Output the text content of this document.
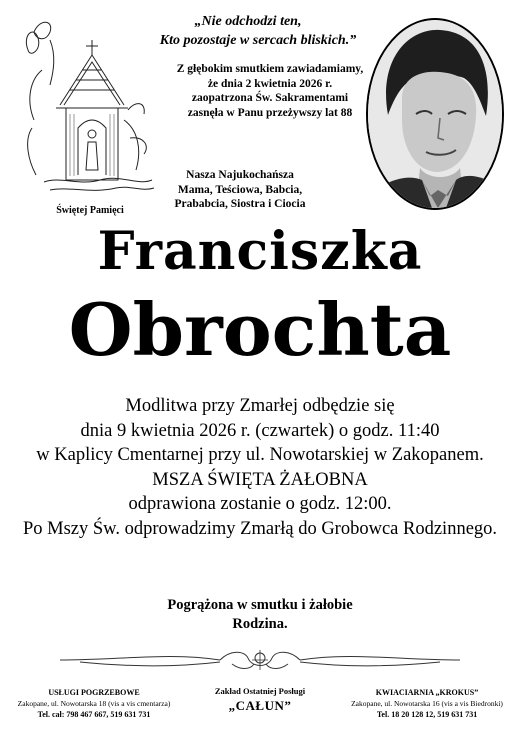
Świętej Pamięci
„Nie odchodzi ten,
Kto pozostaje w sercach bliskich.”
Z głębokim smutkiem zawiadamiamy,
że dnia 2 kwietnia 2026 r.
zaopatrzona Św. Sakramentami
zasnęła w Panu przeżywszy lat 88
Nasza Najukochańsza
Mama, Teściowa, Babcia,
Prababcia, Siostra i Ciocia
Franciszka
Obrochta
Modlitwa przy Zmarłej odbędzie się
dnia 9 kwietnia 2026 r. (czwartek) o godz. 11:40
w Kaplicy Cmentarnej przy ul. Nowotarskiej w Zakopanem.
MSZA ŚWIĘTA ŻAŁOBNA
odprawiona zostanie o godz. 12:00.
Po Mszy Św. odprowadzimy Zmarłą do Grobowca Rodzinnego.
Pogrążona w smutku i żałobie
Rodzina.
USŁUGI POGRZEBOWE
Zakopane, ul. Nowotarska 18 (vis a vis cmentarza)
Tel. cał: 798 467 667, 519 631 731
Zakład Ostatniej Posługi
„CAŁUN”
KWIACIARNIA „KROKUS”
Zakopane, ul. Nowotarska 16 (vis a vis Biedronki)
Tel. 18 20 128 12, 519 631 731
